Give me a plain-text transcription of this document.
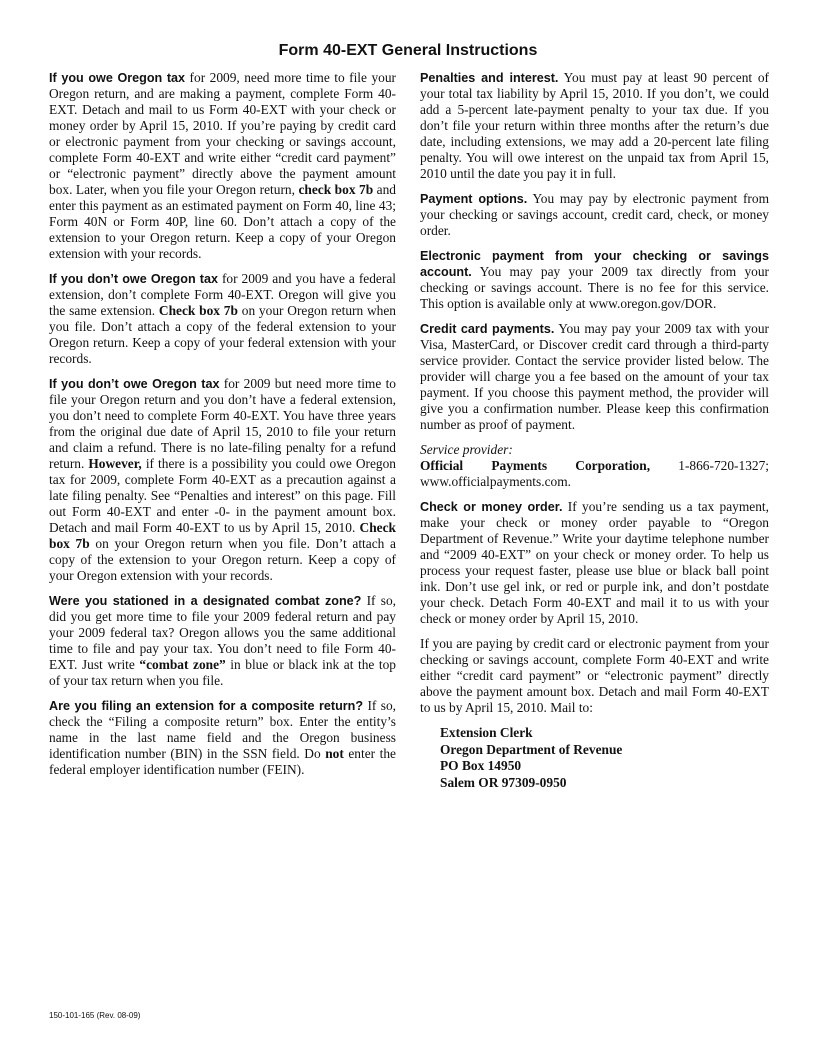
Form 40-EXT General Instructions

If you owe Oregon tax for 2009, need more time to file your Oregon return, and are making a payment, complete Form 40-EXT. Detach and mail to us Form 40-EXT with your check or money order by April 15, 2010. If you’re paying by credit card or electronic payment from your checking or savings account, complete Form 40-EXT and write either “credit card payment” or “electronic payment” directly above the payment amount box. Later, when you file your Oregon return, check box 7b and enter this payment as an estimated payment on Form 40, line 43; Form 40N or Form 40P, line 60. Don’t attach a copy of the extension to your Oregon return. Keep a copy of your Oregon extension with your records.

If you don’t owe Oregon tax for 2009 and you have a federal extension, don’t complete Form 40-EXT. Oregon will give you the same extension. Check box 7b on your Oregon return when you file. Don’t attach a copy of the federal extension to your Oregon return. Keep a copy of your federal extension with your records.

If you don’t owe Oregon tax for 2009 but need more time to file your Oregon return and you don’t have a federal extension, you don’t need to complete Form 40-EXT. You have three years from the original due date of April 15, 2010 to file your return and claim a refund. There is no late-filing penalty for a refund return. However, if there is a possibility you could owe Oregon tax for 2009, complete Form 40-EXT as a precaution against a late filing penalty. See “Penalties and interest” on this page. Fill out Form 40-EXT and enter -0- in the payment amount box. Detach and mail Form 40-EXT to us by April 15, 2010. Check box 7b on your Oregon return when you file. Don’t attach a copy of the extension to your Oregon return. Keep a copy of your Oregon extension with your records.

Were you stationed in a designated combat zone? If so, did you get more time to file your 2009 federal return and pay your 2009 federal tax? Oregon allows you the same additional time to file and pay your tax. You don’t need to file Form 40-EXT. Just write “combat zone” in blue or black ink at the top of your tax return when you file.

Are you filing an extension for a composite return? If so, check the “Filing a composite return” box. Enter the entity’s name in the last name field and the Oregon business identification number (BIN) in the SSN field. Do not enter the federal employer identification number (FEIN).

Penalties and interest. You must pay at least 90 percent of your total tax liability by April 15, 2010. If you don’t, we could add a 5-percent late-payment penalty to your tax due. If you don’t file your return within three months after the return’s due date, including extensions, we may add a 20-percent late filing penalty. You will owe interest on the unpaid tax from April 15, 2010 until the date you pay it in full.

Payment options. You may pay by electronic payment from your checking or savings account, credit card, check, or money order.

Electronic payment from your checking or savings account. You may pay your 2009 tax directly from your checking or savings account. There is no fee for this service. This option is available only at www.oregon.gov/DOR.

Credit card payments. You may pay your 2009 tax with your Visa, MasterCard, or Discover credit card through a third-party service provider. Contact the service provider listed below. The provider will charge you a fee based on the amount of your tax payment. If you choose this payment method, the provider will give you a confirmation number. Please keep this confirmation number as proof of payment.

Service provider:

Official Payments Corporation, 1-866-720-1327; www.officialpayments.com.

Check or money order. If you’re sending us a tax payment, make your check or money order payable to “Oregon Department of Revenue.” Write your daytime telephone number and “2009 40-EXT” on your check or money order. To help us process your request faster, please use blue or black ball point ink. Don’t use gel ink, or red or purple ink, and don’t postdate your check. Detach Form 40-EXT and mail it to us with your check or money order by April 15, 2010.

If you are paying by credit card or electronic payment from your checking or savings account, complete Form 40-EXT and write either “credit card payment” or “electronic payment” directly above the payment amount box. Detach and mail Form 40-EXT to us by April 15, 2010. Mail to:

Extension Clerk
Oregon Department of Revenue
PO Box 14950
Salem OR 97309-0950
150-101-165 (Rev. 08-09)
